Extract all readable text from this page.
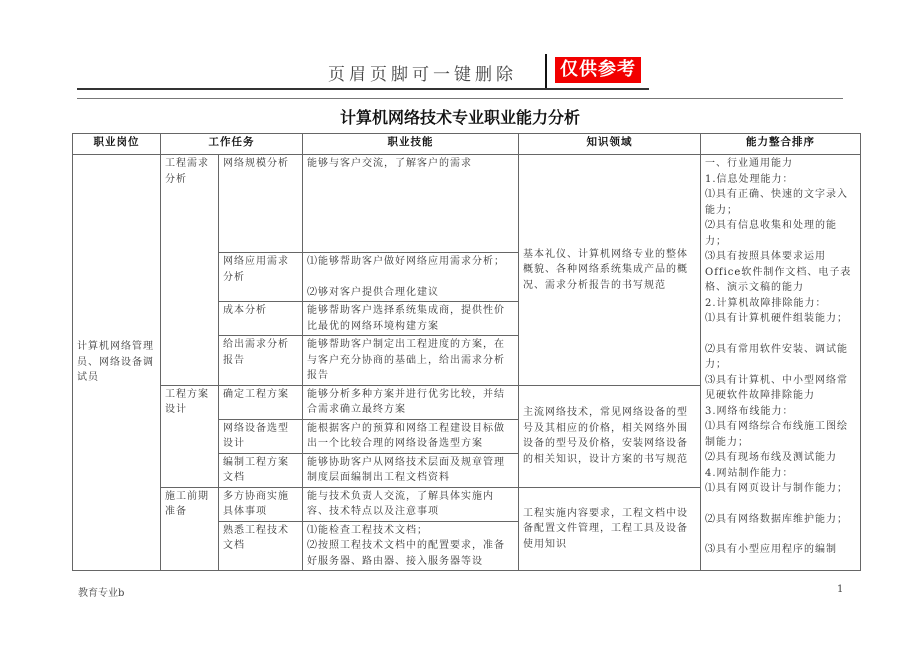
页眉页脚可一键删除 仅供参考
计算机网络技术专业职业能力分析
职业岗位	工作任务		职业技能	知识领域	能力整合排序
计算机网络管理员、网络设备调试员	工程需求分析	网络规模分析	能够与客户交流，了解客户的需求	基本礼仪、计算机网络专业的整体概貌、各种网络系统集成产品的概况、需求分析报告的书写规范	
一、行业通用能力
1.信息处理能力：
⑴具有正确、快速的文字录入能力；
⑵具有信息收集和处理的能力；
⑶具有按照具体要求运用Office软件制作文档、电子表格、演示文稿的能力
2.计算机故障排除能力：
⑴具有计算机硬件组装能力；
⑵具有常用软件安装、调试能力；
⑶具有计算机、中小型网络常见硬软件故障排除能力
3.网络布线能力：
⑴具有网络综合布线施工图绘制能力；
⑵具有现场布线及测试能力
4.网站制作能力：
⑴具有网页设计与制作能力；
⑵具有网络数据库维护能力；
⑶具有小型应用程序的编制

		网络应用需求分析	⑴能够帮助客户做好网络应用需求分析；
⑵够对客户提供合理化建议		

		成本分析	能够帮助客户选择系统集成商，提供性价比最优的网络环境构建方案		
		给出需求分析报告	能够帮助客户制定出工程进度的方案，在与客户充分协商的基础上，给出需求分析报告		
	工程方案设计	确定工程方案	能够分析多种方案并进行优劣比较，并结合需求确立最终方案	主流网络技术，常见网络设备的型号及其相应的价格，相关网络外围设备的型号及价格，安装网络设备的相关知识，设计方案的书写规范	
		网络设备选型设计	能根据客户的预算和网络工程建设目标做出一个比较合理的网络设备选型方案		
		编制工程方案文档	能够协助客户从网络技术层面及规章管理制度层面编制出工程文档资料		
	施工前期准备	多方协商实施具体事项	能与技术负责人交流，了解具体实施内容、技术特点以及注意事项	工程实施内容要求，工程文档中设备配置文件管理，工程工具及设备使用知识	
		熟悉工程技术文档	⑴能检查工程技术文档；
⑵按照工程技术文档中的配置要求，准备好服务器、路由器、接入服务器等设		
教育专业b	1
